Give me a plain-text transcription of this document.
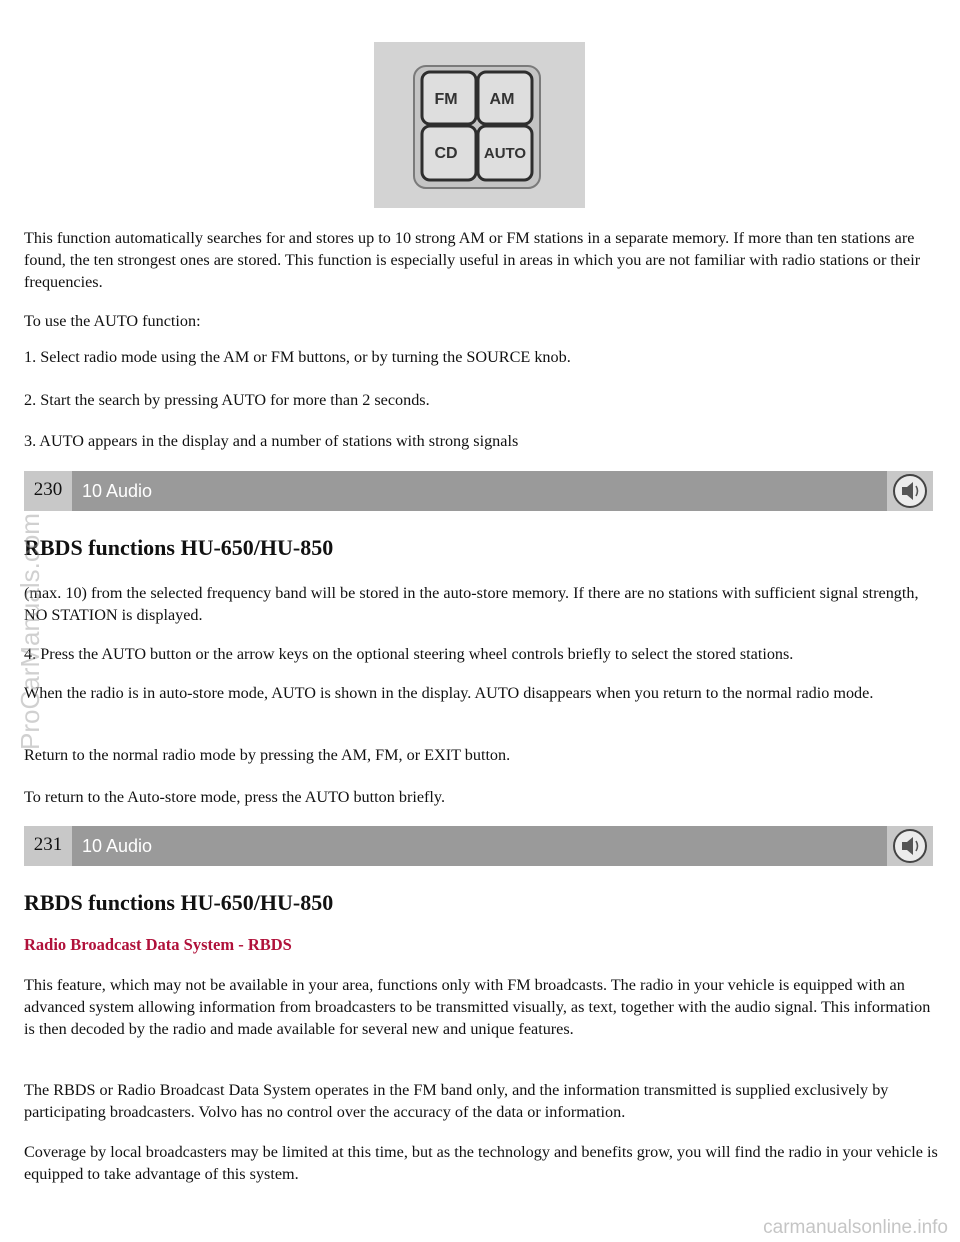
FM AM
CD AUTO

This function automatically searches for and stores up to 10 strong AM or FM stations in a separate memory. If more than ten stations are found, the ten strongest ones are stored. This function is especially useful in areas in which you are not familiar with radio stations or their frequencies.

To use the AUTO function:

1. Select radio mode using the AM or FM buttons, or by turning the SOURCE knob.

2. Start the search by pressing AUTO for more than 2 seconds.

3. AUTO appears in the display and a number of stations with strong signals

230	10 Audio
RBDS functions HU-650/HU-850

(max. 10) from the selected frequency band will be stored in the auto-store memory. If there are no stations with sufficient signal strength, NO STATION is displayed.

4. Press the AUTO button or the arrow keys on the optional steering wheel controls briefly to select the stored stations.

When the radio is in auto-store mode, AUTO is shown in the display. AUTO disappears when you return to the normal radio mode.

Return to the normal radio mode by pressing the AM, FM, or EXIT button.

To return to the Auto-store mode, press the AUTO button briefly.

231	10 Audio
RBDS functions HU-650/HU-850
Radio Broadcast Data System - RBDS

This feature, which may not be available in your area, functions only with FM broadcasts. The radio in your vehicle is equipped with an advanced system allowing information from broadcasters to be transmitted visually, as text, together with the audio signal. This information is then decoded by the radio and made available for several new and unique features.

The RBDS or Radio Broadcast Data System operates in the FM band only, and the information transmitted is supplied exclusively by participating broadcasters. Volvo has no control over the accuracy of the data or information.

Coverage by local broadcasters may be limited at this time, but as the technology and benefits grow, you will find the radio in your vehicle is equipped to take advantage of this system.

ProCarManuals.com
carmanualsonline.info
